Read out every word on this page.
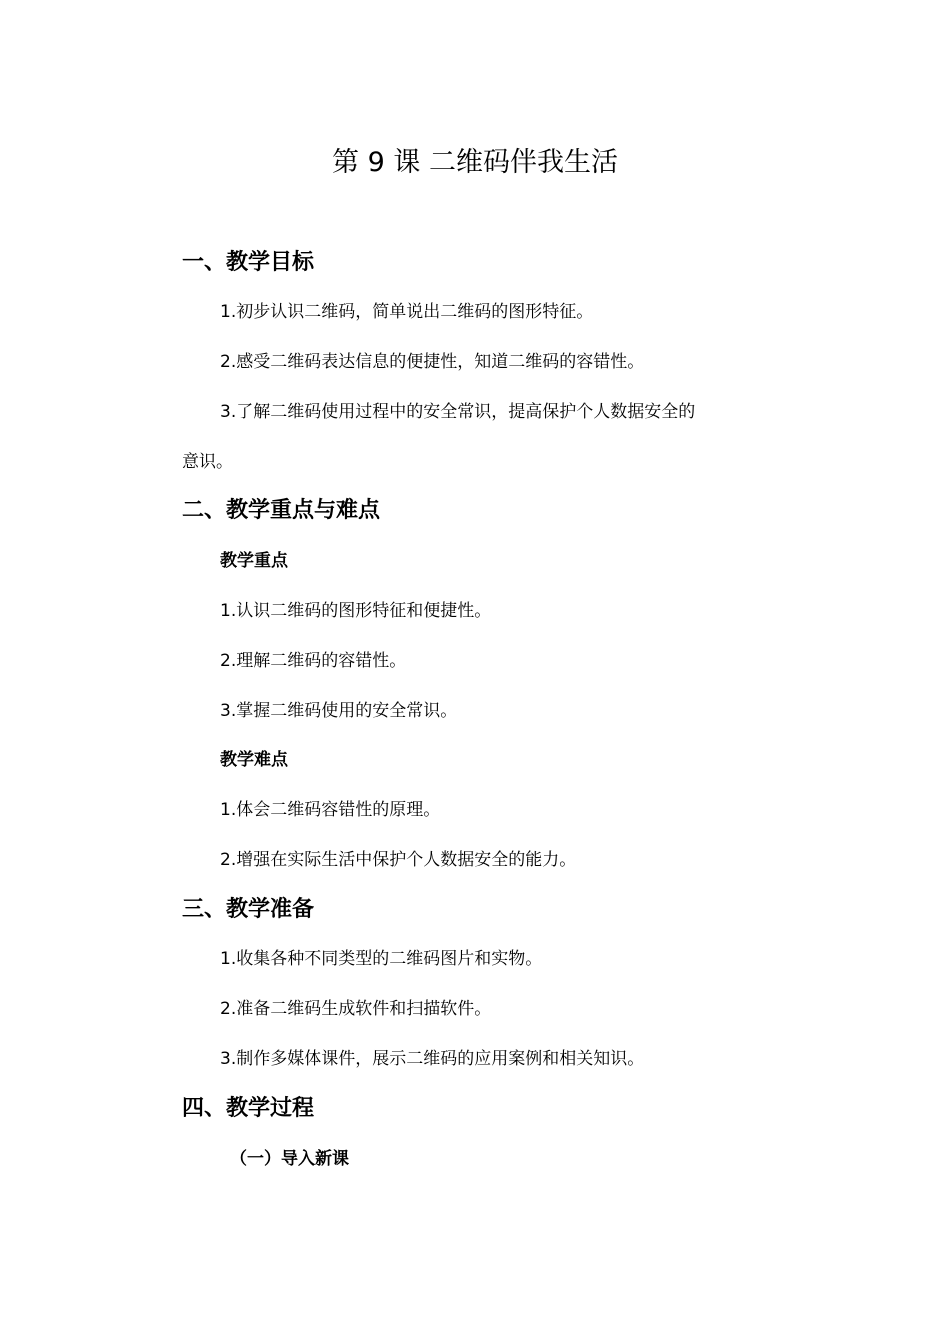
第 9 课 二维码伴我生活
一、教学目标

1.初步认识二维码，简单说出二维码的图形特征。

2.感受二维码表达信息的便捷性，知道二维码的容错性。

3.了解二维码使用过程中的安全常识，提高保护个人数据安全的

意识。

二、教学重点与难点
教学重点

1.认识二维码的图形特征和便捷性。

2.理解二维码的容错性。

3.掌握二维码使用的安全常识。

教学难点

1.体会二维码容错性的原理。

2.增强在实际生活中保护个人数据安全的能力。

三、教学准备

1.收集各种不同类型的二维码图片和实物。

2.准备二维码生成软件和扫描软件。

3.制作多媒体课件，展示二维码的应用案例和相关知识。

四、教学过程
（一）导入新课
